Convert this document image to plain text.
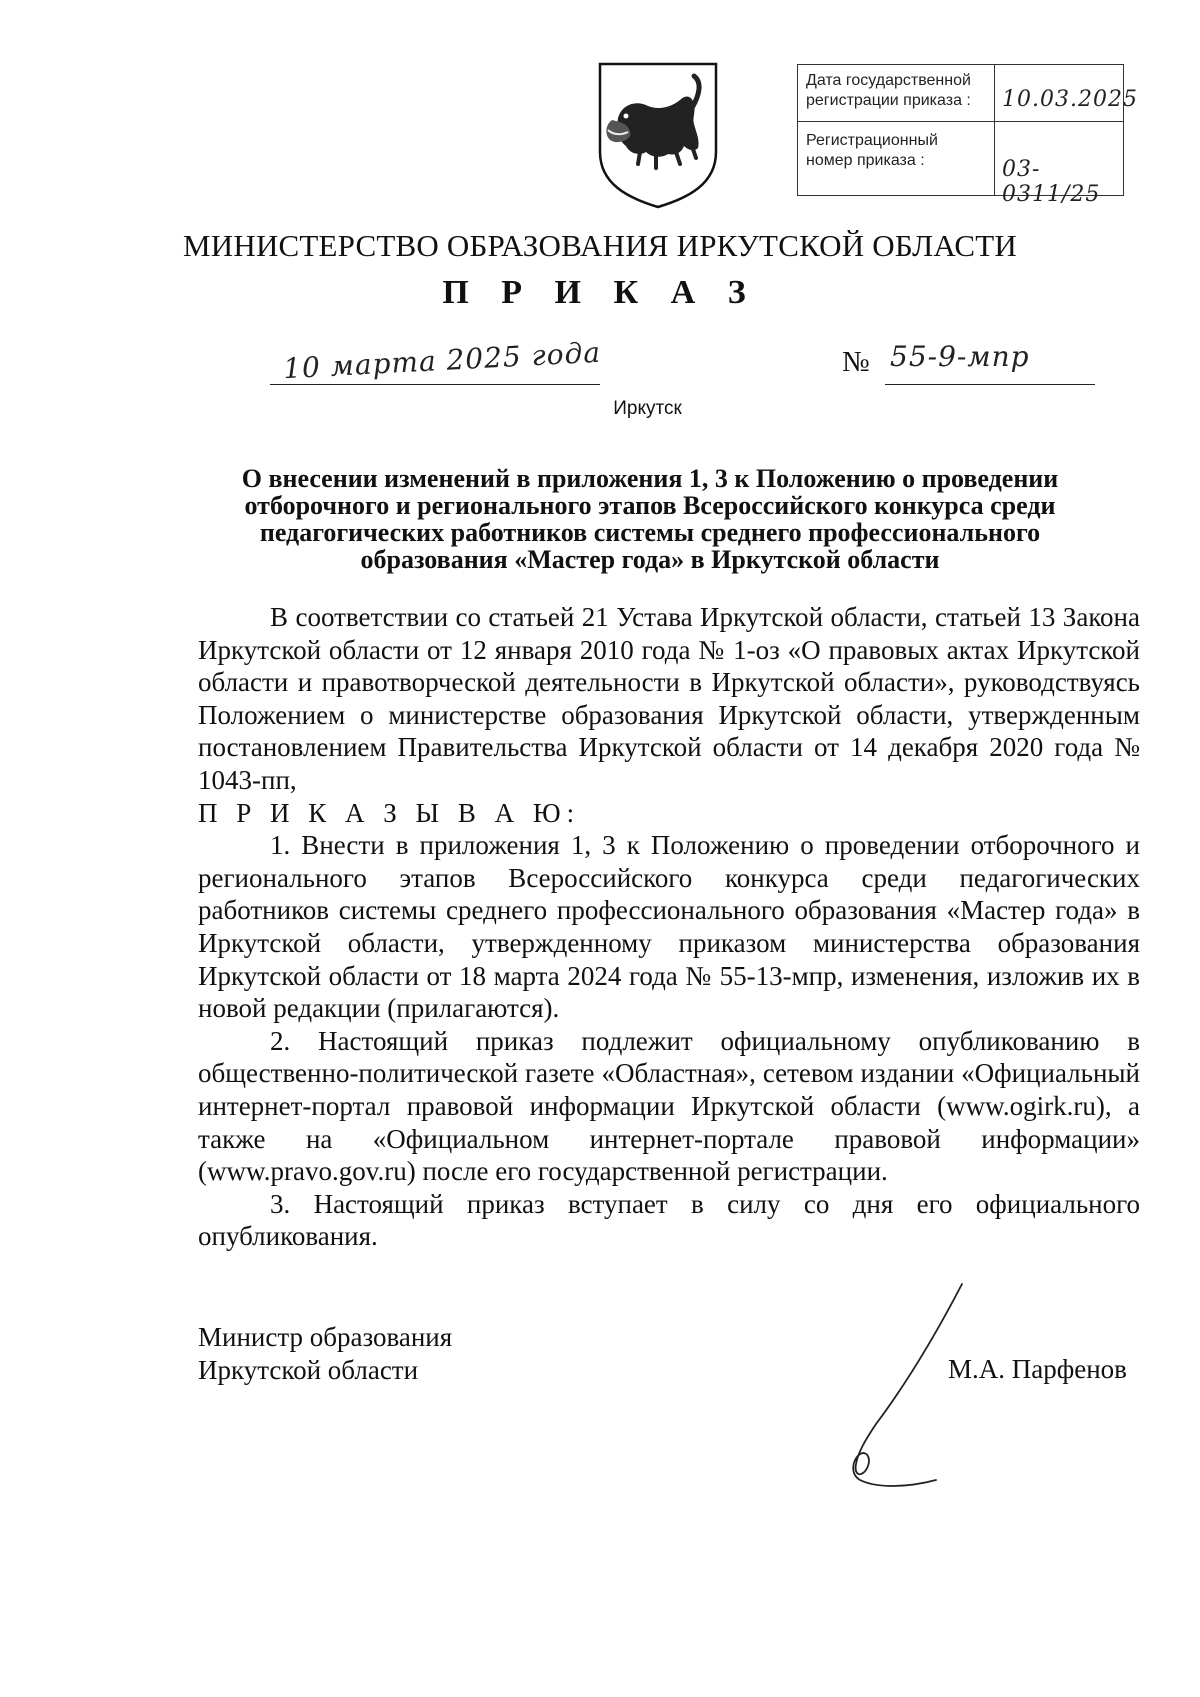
Дата государственной регистрации приказа :	10.03.2025
Регистрационный номер приказа :	03-0311/25
МИНИСТЕРСТВО ОБРАЗОВАНИЯ ИРКУТСКОЙ ОБЛАСТИ
П Р И К А З
10 марта 2025 года	№ 55-9-мпр
Иркутск
О внесении изменений в приложения 1, 3 к Положению о проведении отборочного и регионального этапов Всероссийского конкурса среди педагогических работников системы среднего профессионального образования «Мастер года» в Иркутской области

В соответствии со статьей 21 Устава Иркутской области, статьей 13 Закона Иркутской области от 12 января 2010 года № 1-оз «О правовых актах Иркутской области и правотворческой деятельности в Иркутской области», руководствуясь Положением о министерстве образования Иркутской области, утвержденным постановлением Правительства Иркутской области от 14 декабря 2020 года № 1043-пп,

П Р И К А З Ы В А Ю:

1. Внести в приложения 1, 3 к Положению о проведении отборочного и регионального этапов Всероссийского конкурса среди педагогических работников системы среднего профессионального образования «Мастер года» в Иркутской области, утвержденному приказом министерства образования Иркутской области от 18 марта 2024 года № 55-13-мпр, изменения, изложив их в новой редакции (прилагаются).

2. Настоящий приказ подлежит официальному опубликованию в общественно-политической газете «Областная», сетевом издании «Официальный интернет-портал правовой информации Иркутской области (www.ogirk.ru), а также на «Официальном интернет-портале правовой информации» (www.pravo.gov.ru) после его государственной регистрации.

3. Настоящий приказ вступает в силу со дня его официального опубликования.

Министр образования
Иркутской области	М.А. Парфенов
